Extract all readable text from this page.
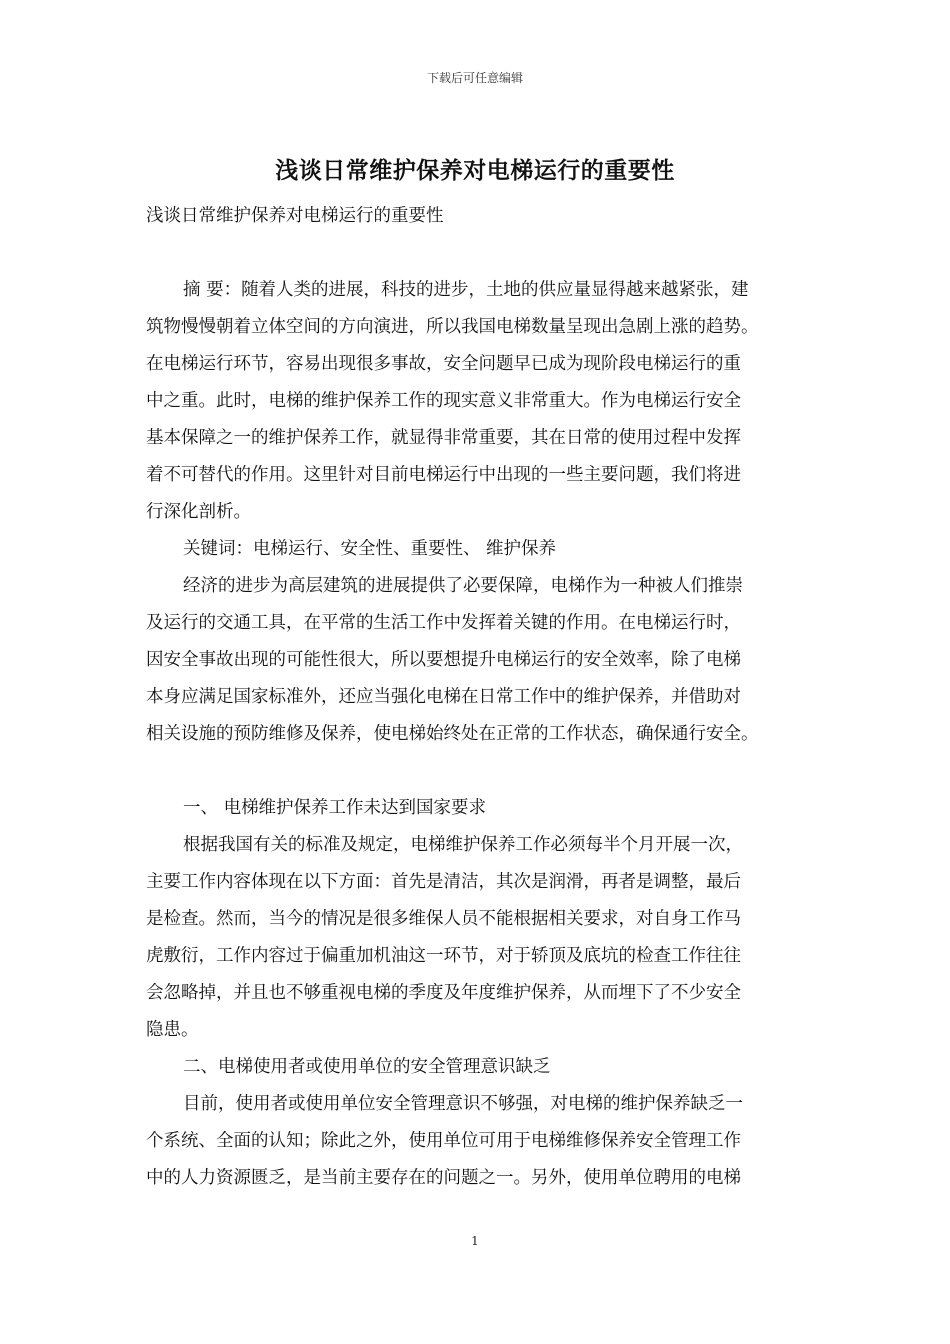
下载后可任意编辑
浅谈日常维护保养对电梯运行的重要性
浅谈日常维护保养对电梯运行的重要性
摘 要：随着人类的进展，科技的进步，土地的供应量显得越来越紧张，建
筑物慢慢朝着立体空间的方向演进，所以我国电梯数量呈现出急剧上涨的趋势。
在电梯运行环节，容易出现很多事故，安全问题早已成为现阶段电梯运行的重
中之重。此时，电梯的维护保养工作的现实意义非常重大。作为电梯运行安全
基本保障之一的维护保养工作，就显得非常重要，其在日常的使用过程中发挥
着不可替代的作用。这里针对目前电梯运行中出现的一些主要问题，我们将进
行深化剖析。
关键词：电梯运行、安全性、重要性、 维护保养
经济的进步为高层建筑的进展提供了必要保障，电梯作为一种被人们推崇
及运行的交通工具，在平常的生活工作中发挥着关键的作用。在电梯运行时，
因安全事故出现的可能性很大，所以要想提升电梯运行的安全效率，除了电梯
本身应满足国家标准外，还应当强化电梯在日常工作中的维护保养，并借助对
相关设施的预防维修及保养，使电梯始终处在正常的工作状态，确保通行安全。
一、 电梯维护保养工作未达到国家要求
根据我国有关的标准及规定，电梯维护保养工作必须每半个月开展一次，
主要工作内容体现在以下方面：首先是清洁，其次是润滑，再者是调整，最后
是检查。然而，当今的情况是很多维保人员不能根据相关要求，对自身工作马
虎敷衍，工作内容过于偏重加机油这一环节，对于轿顶及底坑的检查工作往往
会忽略掉，并且也不够重视电梯的季度及年度维护保养，从而埋下了不少安全
隐患。
二、电梯使用者或使用单位的安全管理意识缺乏
目前，使用者或使用单位安全管理意识不够强，对电梯的维护保养缺乏一
个系统、全面的认知；除此之外，使用单位可用于电梯维修保养安全管理工作
中的人力资源匮乏，是当前主要存在的问题之一。另外，使用单位聘用的电梯
1
